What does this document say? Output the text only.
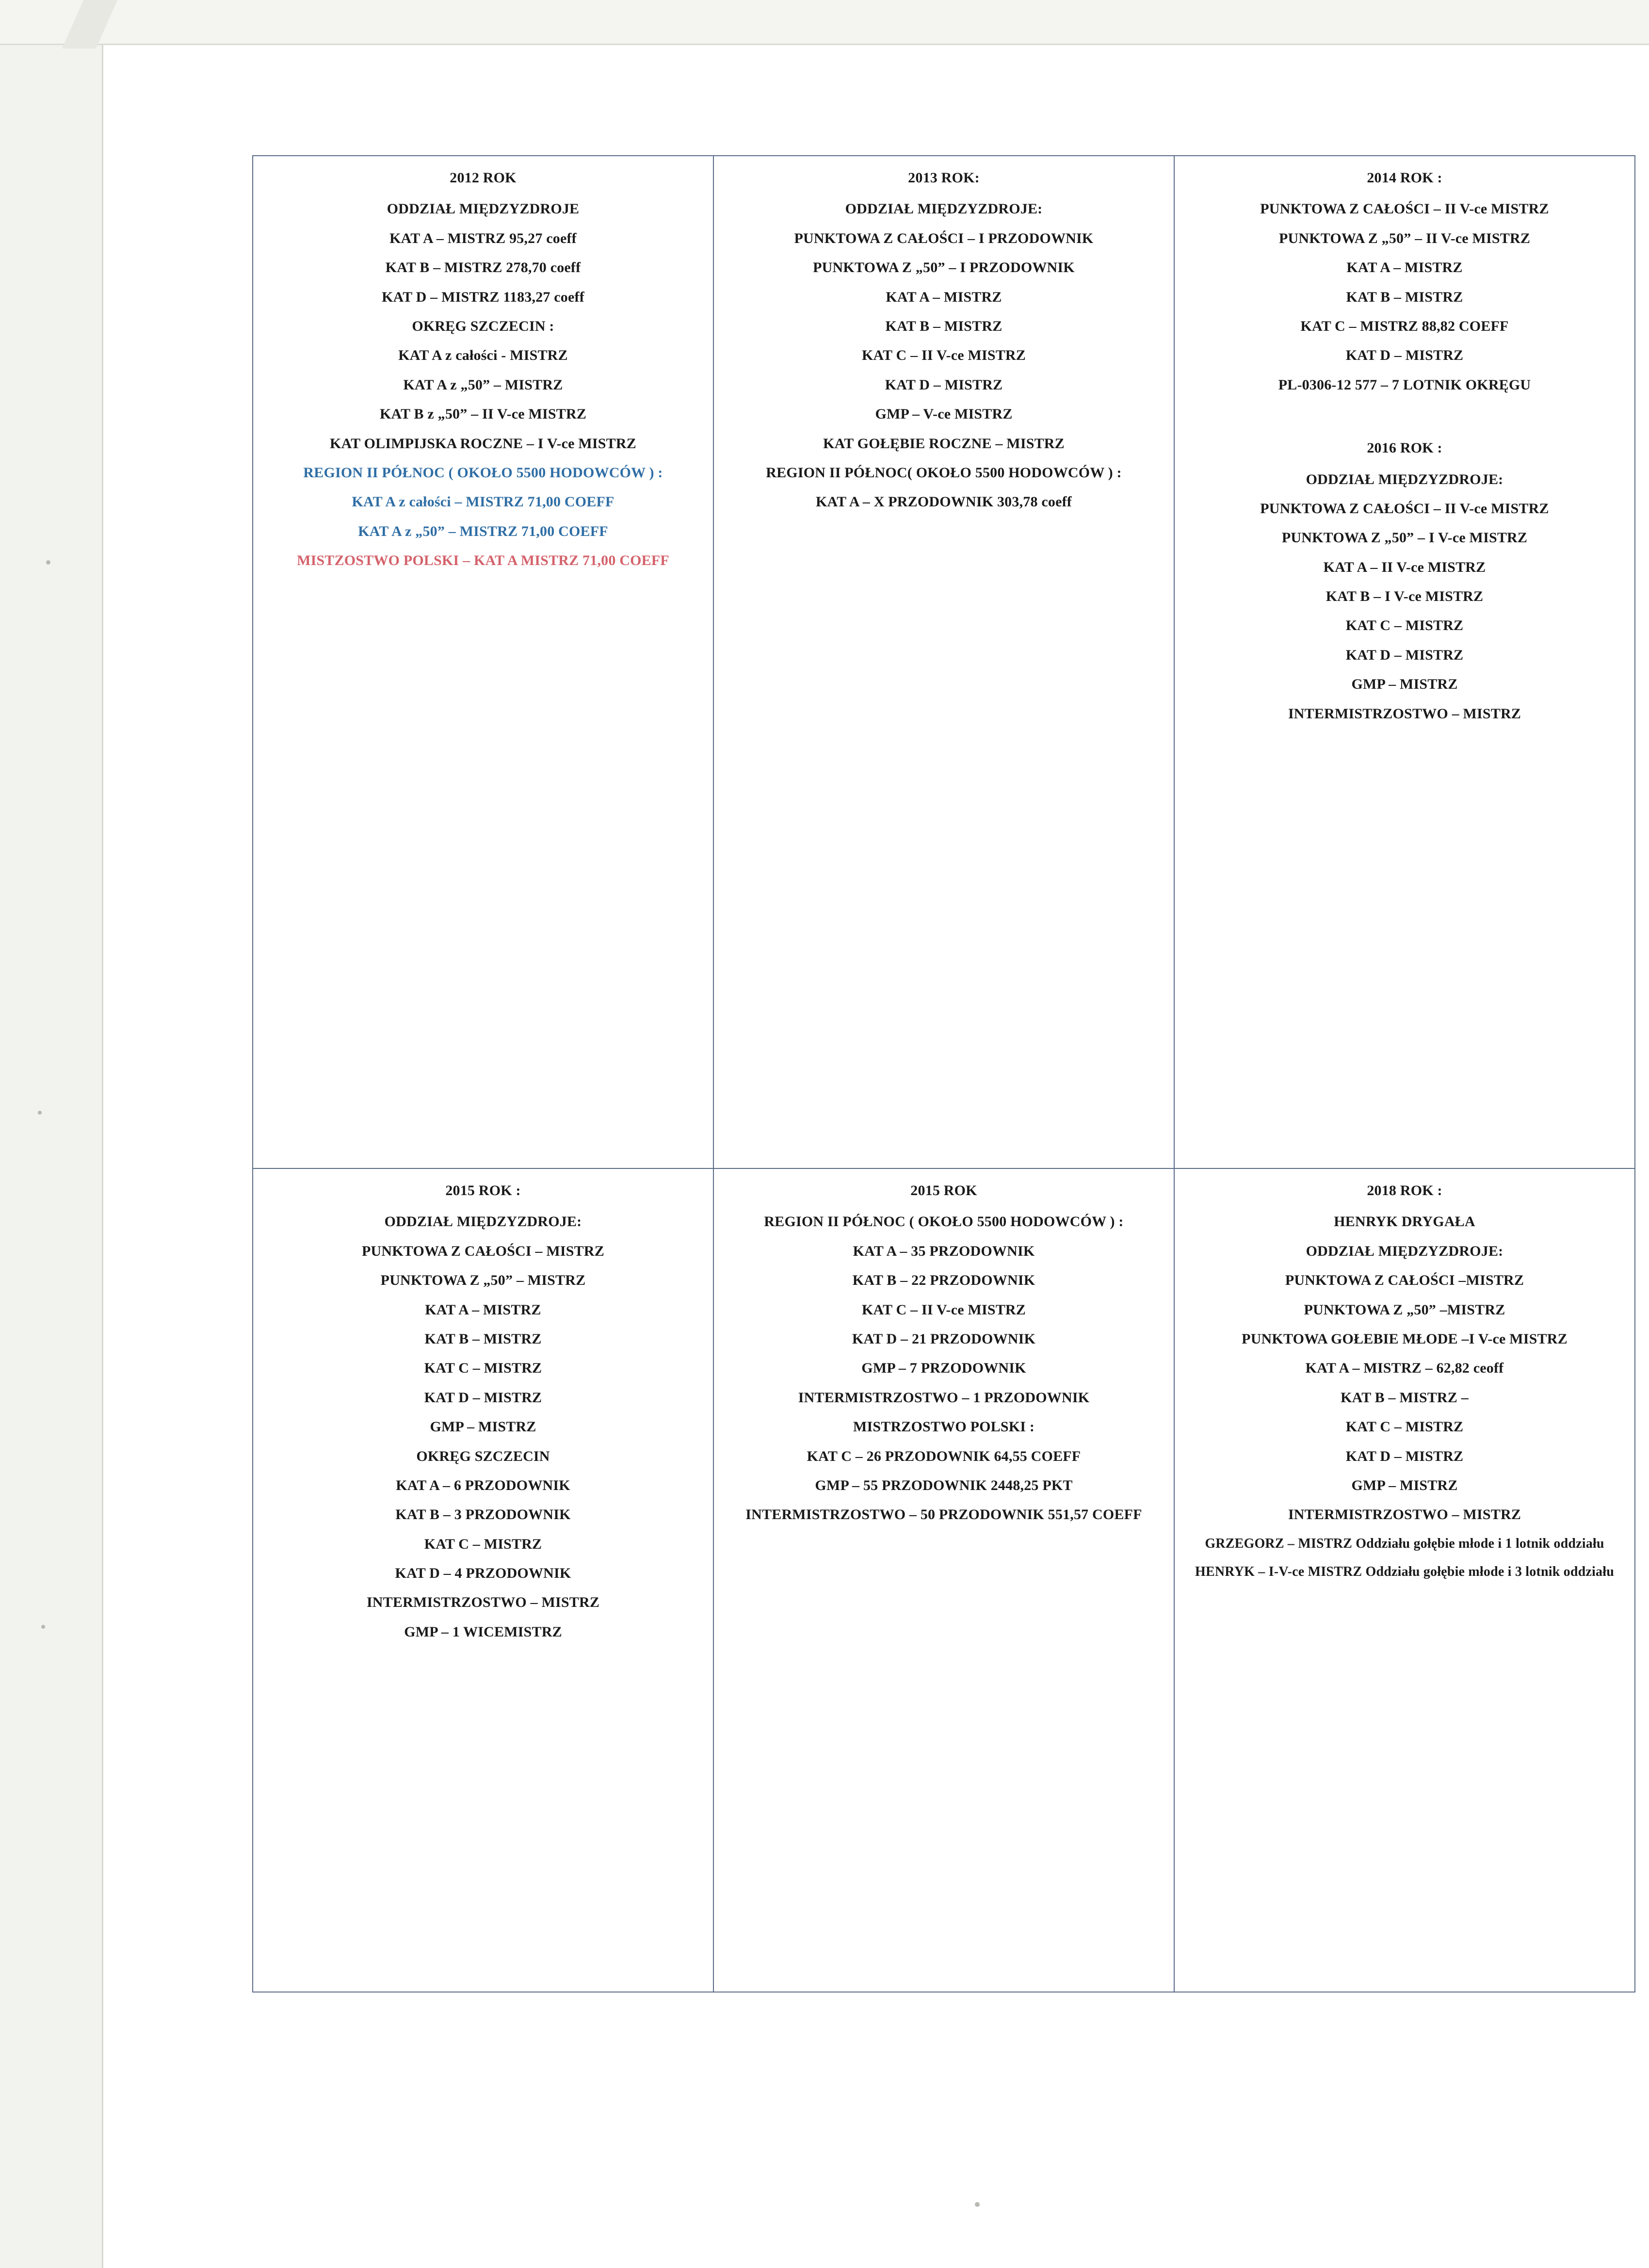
2012 ROK
ODDZIAŁ MIĘDZYZDROJE
KAT A – MISTRZ 95,27 coeff
KAT B – MISTRZ 278,70 coeff
KAT D – MISTRZ 1183,27 coeff
OKRĘG SZCZECIN :
KAT A z całości - MISTRZ
KAT A z „50” – MISTRZ
KAT B z „50” – II V-ce MISTRZ
KAT OLIMPIJSKA ROCZNE – I V-ce MISTRZ
REGION II PÓŁNOC ( OKOŁO 5500 HODOWCÓW ) :
KAT A z całości – MISTRZ 71,00 COEFF
KAT A z „50” – MISTRZ 71,00 COEFF
MISTZOSTWO POLSKI – KAT A MISTRZ 71,00 COEFF

2013 ROK:
ODDZIAŁ MIĘDZYZDROJE:
PUNKTOWA Z CAŁOŚCI – I PRZODOWNIK
PUNKTOWA Z „50” – I PRZODOWNIK
KAT A – MISTRZ
KAT B – MISTRZ
KAT C – II V-ce MISTRZ
KAT D – MISTRZ
GMP – V-ce MISTRZ
KAT GOŁĘBIE ROCZNE – MISTRZ
REGION II PÓŁNOC( OKOŁO 5500 HODOWCÓW ) :
KAT A – X PRZODOWNIK 303,78 coeff

2014 ROK :
PUNKTOWA Z CAŁOŚCI – II V-ce MISTRZ
PUNKTOWA Z „50” – II V-ce MISTRZ
KAT A – MISTRZ
KAT B – MISTRZ
KAT C – MISTRZ 88,82 COEFF
KAT D – MISTRZ
PL-0306-12 577 – 7 LOTNIK OKRĘGU
2016 ROK :
ODDZIAŁ MIĘDZYZDROJE:
PUNKTOWA Z CAŁOŚCI – II V-ce MISTRZ
PUNKTOWA Z „50” – I V-ce MISTRZ
KAT A – II V-ce MISTRZ
KAT B – I V-ce MISTRZ
KAT C – MISTRZ
KAT D – MISTRZ
GMP – MISTRZ
INTERMISTRZOSTWO – MISTRZ

2015 ROK :
ODDZIAŁ MIĘDZYZDROJE:
PUNKTOWA Z CAŁOŚCI – MISTRZ
PUNKTOWA Z „50” – MISTRZ
KAT A – MISTRZ
KAT B – MISTRZ
KAT C – MISTRZ
KAT D – MISTRZ
GMP – MISTRZ
OKRĘG SZCZECIN
KAT A – 6 PRZODOWNIK
KAT B – 3 PRZODOWNIK
KAT C – MISTRZ
KAT D – 4 PRZODOWNIK
INTERMISTRZOSTWO – MISTRZ
GMP – 1 WICEMISTRZ

2015 ROK
REGION II PÓŁNOC ( OKOŁO 5500 HODOWCÓW ) :
KAT A – 35 PRZODOWNIK
KAT B – 22 PRZODOWNIK
KAT C – II V-ce MISTRZ
KAT D – 21 PRZODOWNIK
GMP – 7 PRZODOWNIK
INTERMISTRZOSTWO – 1 PRZODOWNIK
MISTRZOSTWO POLSKI :
KAT C – 26 PRZODOWNIK 64,55 COEFF
GMP – 55 PRZODOWNIK 2448,25 PKT
INTERMISTRZOSTWO – 50 PRZODOWNIK 551,57 COEFF

2018 ROK :
HENRYK DRYGAŁA
ODDZIAŁ MIĘDZYZDROJE:
PUNKTOWA Z CAŁOŚCI –MISTRZ
PUNKTOWA Z „50” –MISTRZ
PUNKTOWA GOŁEBIE MŁODE –I V-ce MISTRZ
KAT A – MISTRZ – 62,82 ceoff
KAT B – MISTRZ –
KAT C – MISTRZ
KAT D – MISTRZ
GMP – MISTRZ
INTERMISTRZOSTWO – MISTRZ
GRZEGORZ – MISTRZ Oddziału gołębie młode i 1 lotnik oddziału
HENRYK – I-V-ce MISTRZ Oddziału gołębie młode i 3 lotnik oddziału
